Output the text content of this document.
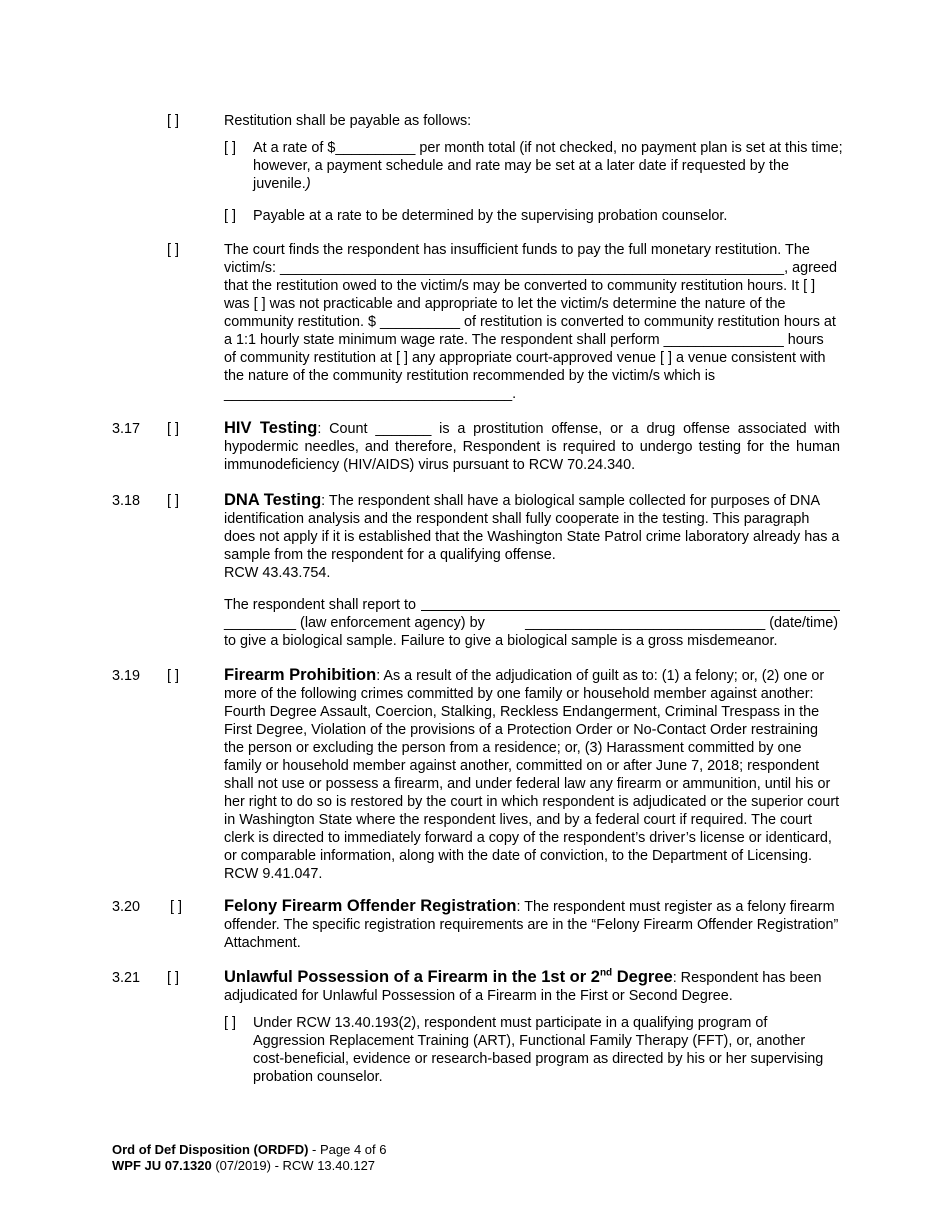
[ ]	Restitution shall be payable as follows:
[ ]	At a rate of $__________ per month total (if not checked, no payment plan is set at this time; however, a payment schedule and rate may be set at a later date if requested by the juvenile.)
[ ]	Payable at a rate to be determined by the supervising probation counselor.
[ ]	The court finds the respondent has insufficient funds to pay the full monetary restitution. The victim/s: _______________________________________________________________, agreed that the restitution owed to the victim/s may be converted to community restitution hours. It [ ] was [ ] was not practicable and appropriate to let the victim/s determine the nature of the community restitution. $ __________ of restitution is converted to community restitution hours at a 1:1 hourly state minimum wage rate. The respondent shall perform _______________ hours of community restitution at [ ] any appropriate court-approved venue [ ] a venue consistent with the nature of the community restitution recommended by the victim/s which is ____________________________________.
3.17 [ ]	HIV Testing: Count _______ is a prostitution offense, or a drug offense associated with hypodermic needles, and therefore, Respondent is required to undergo testing for the human immunodeficiency (HIV/AIDS) virus pursuant to RCW 70.24.340.
3.18 [ ]	DNA Testing: The respondent shall have a biological sample collected for purposes of DNA identification analysis and the respondent shall fully cooperate in the testing. This paragraph does not apply if it is established that the Washington State Patrol crime laboratory already has a sample from the respondent for a qualifying offense.
RCW 43.43.754.
The respondent shall report to
_________ (law enforcement agency) by	______________________________ (date/time)
to give a biological sample. Failure to give a biological sample is a gross misdemeanor.
3.19 [ ]	Firearm Prohibition: As a result of the adjudication of guilt as to: (1) a felony; or, (2) one or more of the following crimes committed by one family or household member against another: Fourth Degree Assault, Coercion, Stalking, Reckless Endangerment, Criminal Trespass in the First Degree, Violation of the provisions of a Protection Order or No-Contact Order restraining the person or excluding the person from a residence; or, (3) Harassment committed by one family or household member against another, committed on or after June 7, 2018; respondent shall not use or possess a firearm, and under federal law any firearm or ammunition, until his or her right to do so is restored by the court in which respondent is adjudicated or the superior court in Washington State where the respondent lives, and by a federal court if required. The court clerk is directed to immediately forward a copy of the respondent’s driver’s license or identicard, or comparable information, along with the date of conviction, to the Department of Licensing. RCW 9.41.047.
3.20 [ ]	Felony Firearm Offender Registration: The respondent must register as a felony firearm offender. The specific registration requirements are in the “Felony Firearm Offender Registration” Attachment.
3.21 [ ]	Unlawful Possession of a Firearm in the 1st or 2nd Degree: Respondent has been adjudicated for Unlawful Possession of a Firearm in the First or Second Degree.
[ ]	Under RCW 13.40.193(2), respondent must participate in a qualifying program of Aggression Replacement Training (ART), Functional Family Therapy (FFT), or, another cost-beneficial, evidence or research-based program as directed by his or her supervising probation counselor.
Ord of Def Disposition (ORDFD) - Page 4 of 6
WPF JU 07.1320 (07/2019) - RCW 13.40.127
